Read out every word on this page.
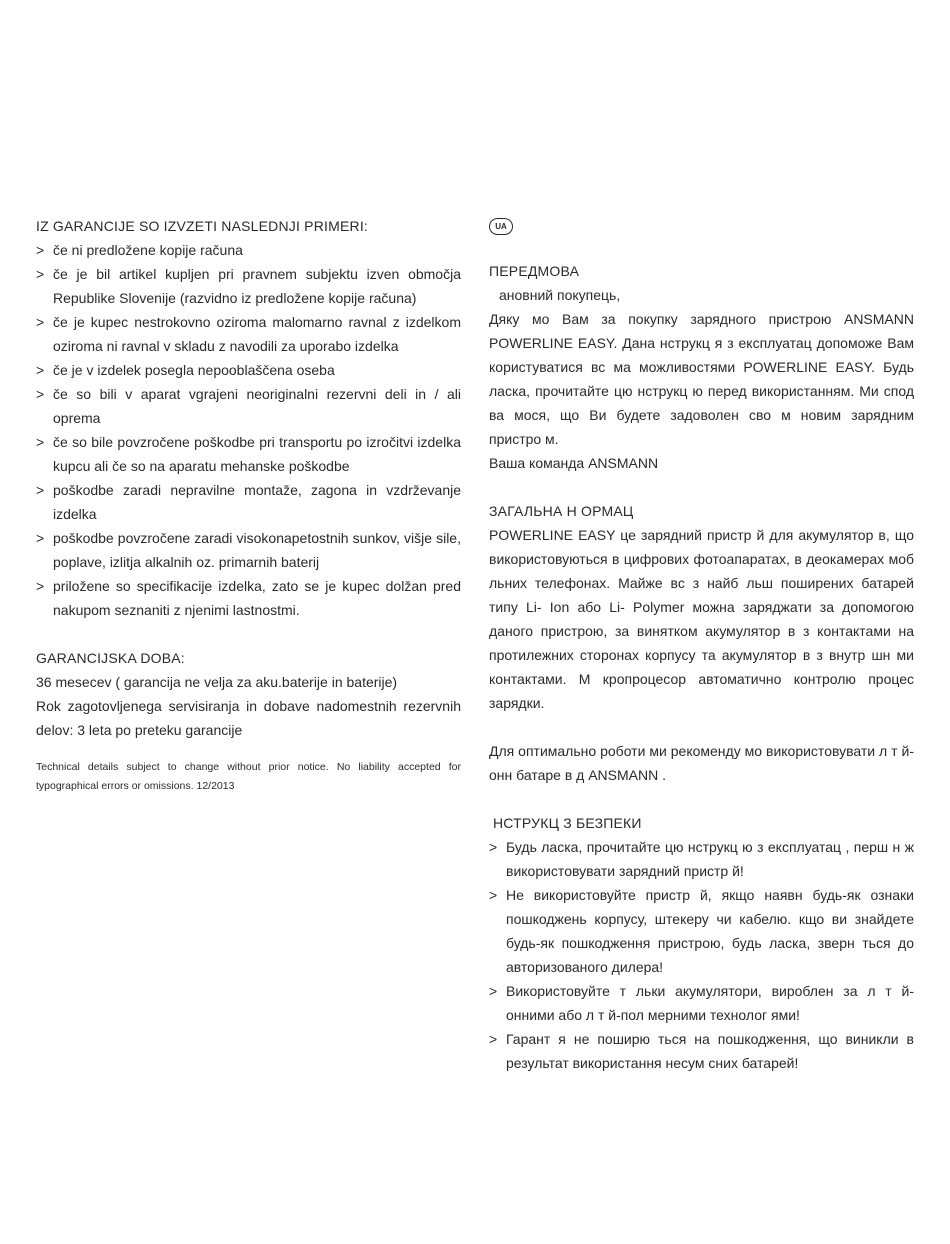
IZ GARANCIJE SO IZVZETI NASLEDNJI PRIMERI:

> če ni predložene kopije računa
> če je bil artikel kupljen pri pravnem subjektu izven območja Republike Slovenije (razvidno iz predložene kopije računa)
> če je kupec nestrokovno oziroma malomarno ravnal z izdelkom oziroma ni ravnal v skladu z navodili za uporabo izdelka
> če je v izdelek posegla nepooblaščena oseba
> če so bili v aparat vgrajeni neoriginalni rezervni deli in / ali oprema
> če so bile povzročene poškodbe pri transportu po izročitvi izdelka kupcu ali če so na aparatu mehanske poškodbe
> poškodbe zaradi nepravilne montaže, zagona in vzdrževanje izdelka
> poškodbe povzročene zaradi visokonapetostnih sunkov, višje sile, poplave, izlitja alkalnih oz. primarnih baterij
> priložene so specifikacije izdelka, zato se je kupec dolžan pred nakupom seznaniti z njenimi lastnostmi.

GARANCIJSKA DOBA:

36 mesecev ( garancija ne velja za aku.baterije in baterije)

Rok zagotovljenega servisiranja in dobave nadomestnih rezervnih delov: 3 leta po preteku garancije

Technical details subject to change without prior notice. No liability accepted for typographical errors or omissions. 12/2013

UA

ПЕРЕДМОВА

ановний покупець,

Дяку мо Вам за покупку зарядного пристрою ANSMANN POWERLINE EASY. Дана нструкц я з експлуатац допоможе Вам користуватися вс ма можливостями POWERLINE EASY. Будь ласка, прочитайте цю нструкц ю перед використанням. Ми спод ва мося, що Ви будете задоволен сво м новим зарядним пристро м.

Ваша команда ANSMANN

ЗАГАЛЬНА Н ОРМАЦ

POWERLINE EASY це зарядний пристр й для акумулятор в, що використовуються в цифрових фотоапаратах, в деокамерах моб льних телефонах. Майже вс з найб льш поширених батарей типу Li- Ion або Li- Polymer можна заряджати за допомогою даного пристрою, за винятком акумулятор в з контактами на протилежних сторонах корпусу та акумулятор в з внутр шн ми контактами. М кропроцесор автоматично контролю процес зарядки.

Для оптимально роботи ми рекоменду мо використовувати л т й-онн батаре в д ANSMANN .

НСТРУКЦ З БЕЗПЕКИ

> Будь ласка, прочитайте цю нструкц ю з експлуатац , перш н ж використовувати зарядний пристр й!
> Не використовуйте пристр й, якщо наявн будь-як ознаки пошкоджень корпусу, штекеру чи кабелю. кщо ви знайдете будь-як пошкодження пристрою, будь ласка, зверн ться до авторизованого дилера!
> Використовуйте т льки акумулятори, вироблен за л т й- онними або л т й-пол мерними технолог ями!
> Гарант я не поширю ться на пошкодження, що виникли в результат використання несум сних батарей!
